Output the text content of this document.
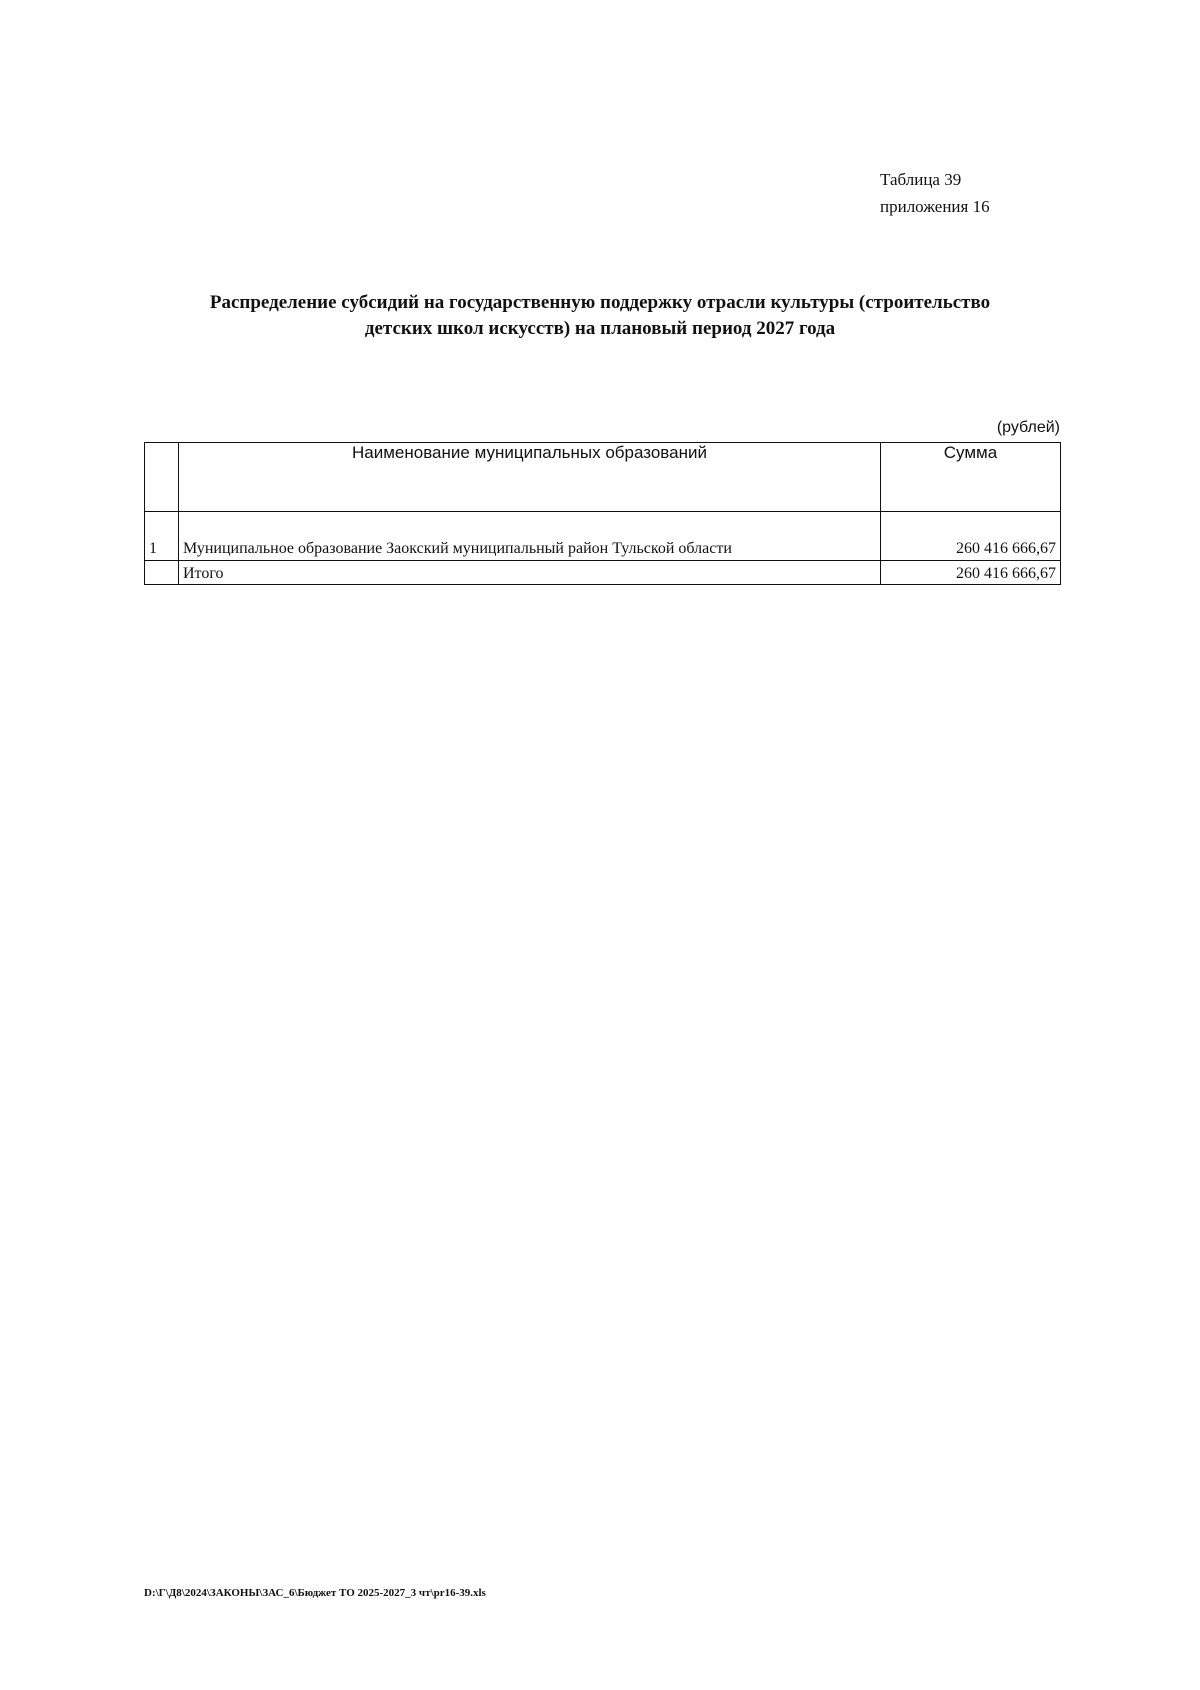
Таблица 39
приложения 16
Распределение субсидий на государственную поддержку отрасли культуры (строительство
детских школ искусств) на плановый период 2027 года
(рублей)
	Наименование муниципальных образований	Сумма
1	Муниципальное образование Заокский муниципальный район Тульской области	260 416 666,67
	Итого	260 416 666,67
D:\Г\Д8\2024\ЗАКОНЫ\ЗАС_6\Бюджет ТО 2025-2027_3 чт\pr16-39.xls
